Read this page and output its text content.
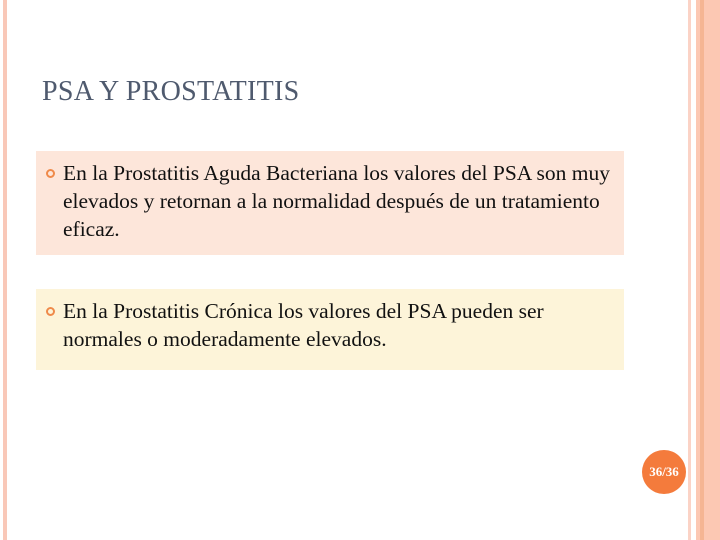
PSA Y PROSTATITIS
En la Prostatitis Aguda Bacteriana los valores del PSA son muy elevados y retornan a la normalidad después de un tratamiento eficaz.
En la Prostatitis Crónica los valores del PSA pueden ser normales o moderadamente elevados.
36/36
